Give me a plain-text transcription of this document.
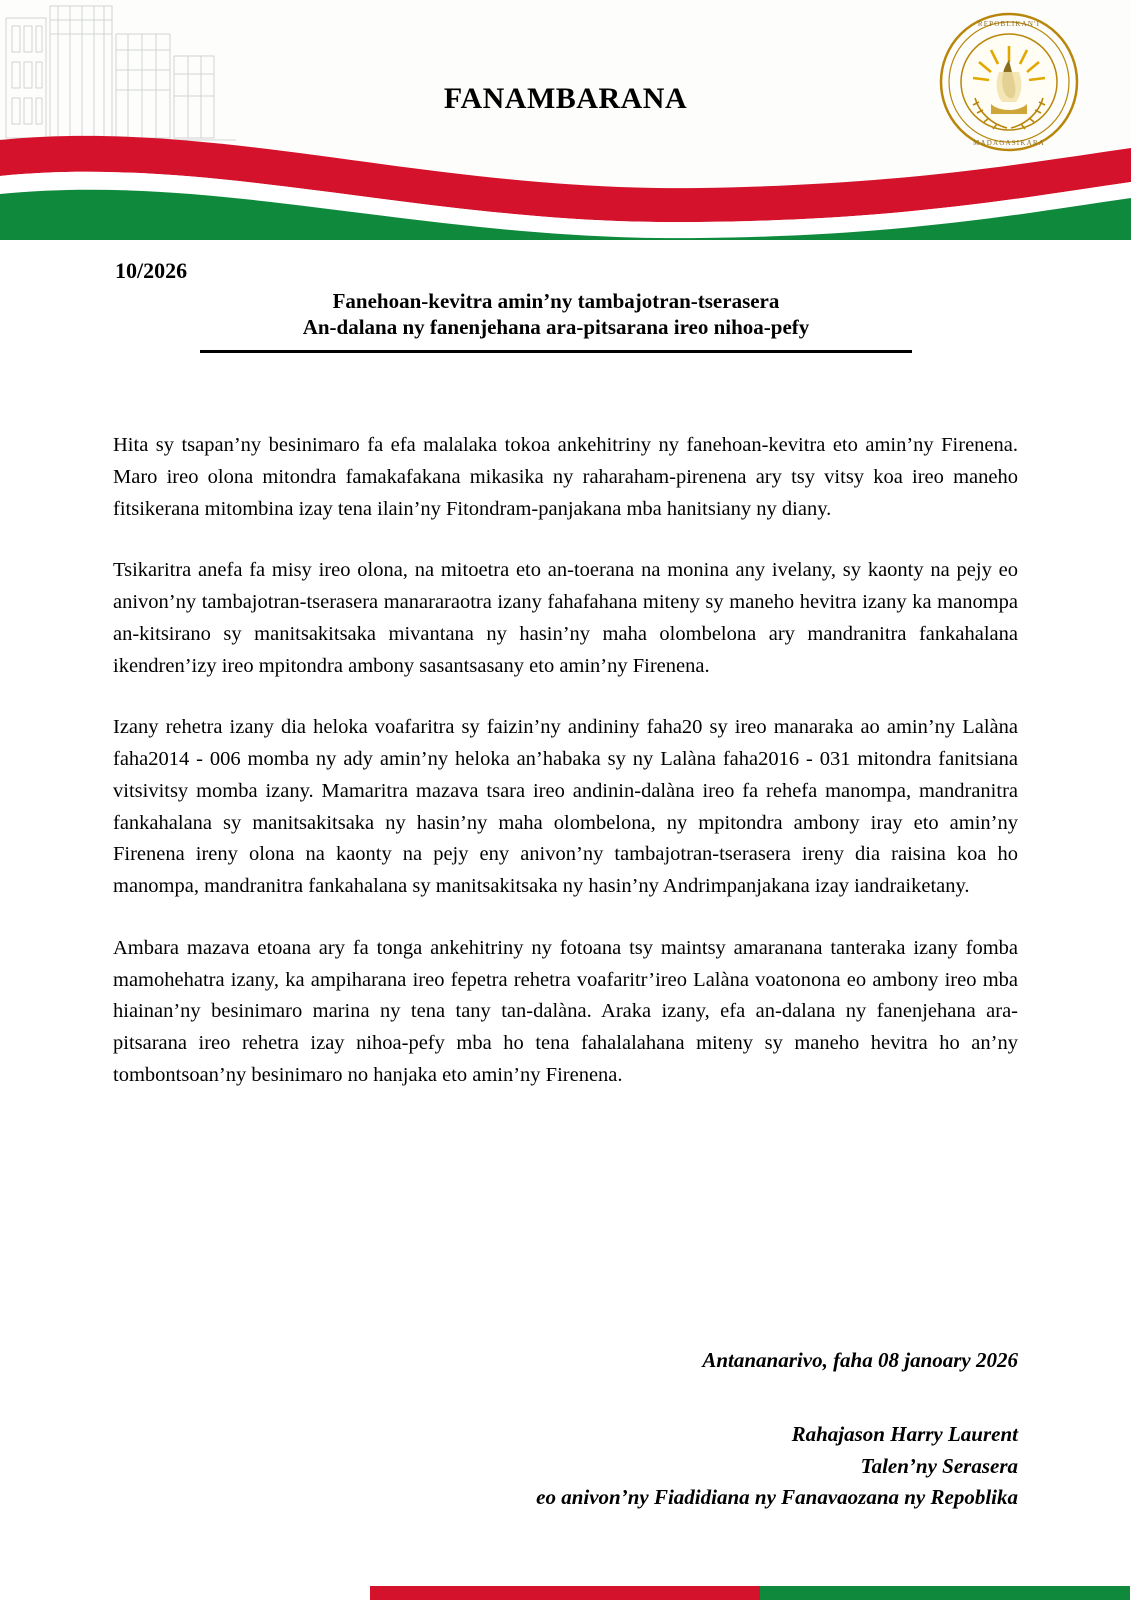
FANAMBARANA
REPOBLIKAN'I
MADAGASIKARA
10/2026
Fanehoan-kevitra amin’ny tambajotran-tserasera
An-dalana ny fanenjehana ara-pitsarana ireo nihoa-pefy

Hita sy tsapan’ny besinimaro fa efa malalaka tokoa ankehitriny ny fanehoan-kevitra eto amin’ny Firenena. Maro ireo olona mitondra famakafakana mikasika ny raharaham-pirenena ary tsy vitsy koa ireo maneho fitsikerana mitombina izay tena ilain’ny Fitondram-panjakana mba hanitsiany ny diany.

Tsikaritra anefa fa misy ireo olona, na mitoetra eto an-toerana na monina any ivelany, sy kaonty na pejy eo anivon’ny tambajotran-tserasera manararaotra izany fahafahana miteny sy maneho hevitra izany ka manompa an-kitsirano sy manitsakitsaka mivantana ny hasin’ny maha olombelona ary mandranitra fankahalana ikendren’izy ireo mpitondra ambony sasantsasany eto amin’ny Firenena.

Izany rehetra izany dia heloka voafaritra sy faizin’ny andininy faha20 sy ireo manaraka ao amin’ny Lalàna faha2014 - 006 momba ny ady amin’ny heloka an’habaka sy ny Lalàna faha2016 - 031 mitondra fanitsiana vitsivitsy momba izany. Mamaritra mazava tsara ireo andinin-dalàna ireo fa rehefa manompa, mandranitra fankahalana sy manitsakitsaka ny hasin’ny maha olombelona, ny mpitondra ambony iray eto amin’ny Firenena ireny olona na kaonty na pejy eny anivon’ny tambajotran-tserasera ireny dia raisina koa ho manompa, mandranitra fankahalana sy manitsakitsaka ny hasin’ny Andrimpanjakana izay iandraiketany.

Ambara mazava etoana ary fa tonga ankehitriny ny fotoana tsy maintsy amaranana tanteraka izany fomba mamohehatra izany, ka ampiharana ireo fepetra rehetra voafaritr’ireo Lalàna voatonona eo ambony ireo mba hiainan’ny besinimaro marina ny tena tany tan-dalàna. Araka izany, efa an-dalana ny fanenjehana ara-pitsarana ireo rehetra izay nihoa-pefy mba ho tena fahalalahana miteny sy maneho hevitra ho an’ny tombontsoan’ny besinimaro no hanjaka eto amin’ny Firenena.

Antananarivo, faha 08 janoary 2026
Rahajason Harry Laurent
Talen’ny Serasera
eo anivon’ny Fiadidiana ny Fanavaozana ny Repoblika
